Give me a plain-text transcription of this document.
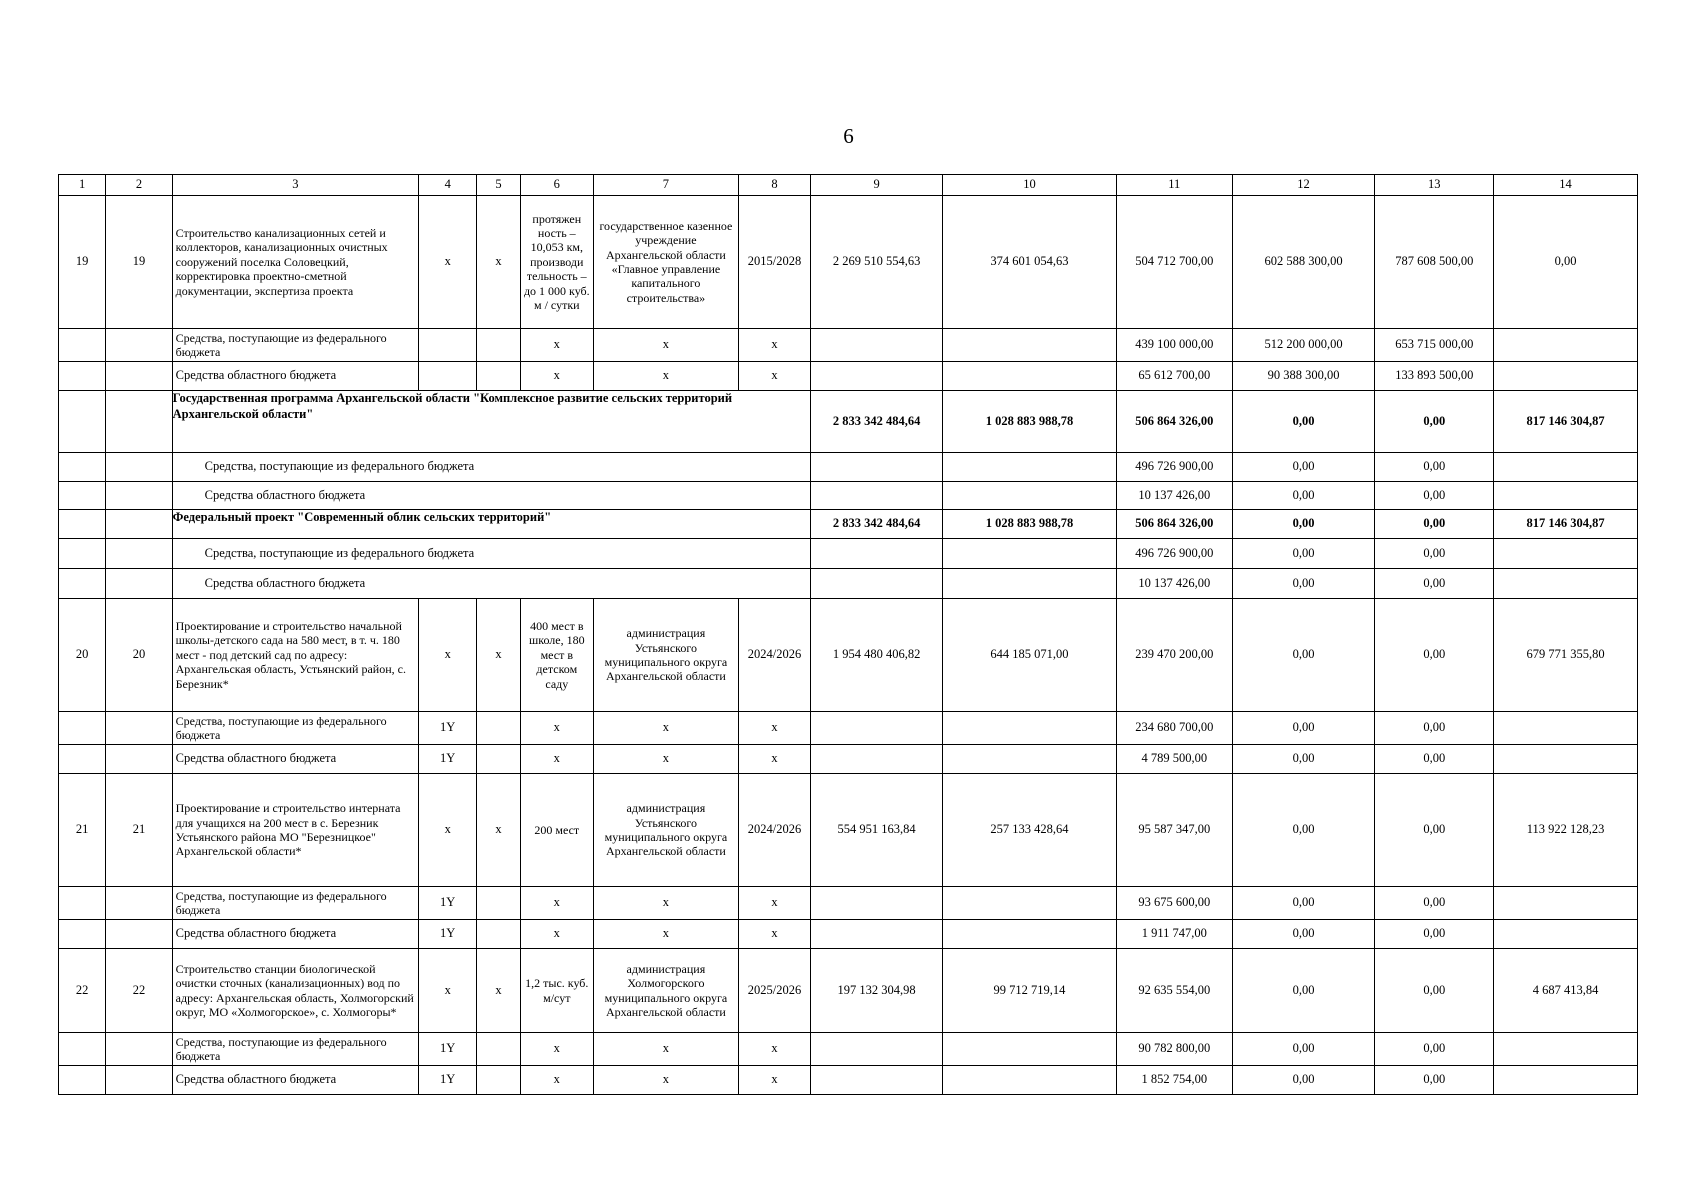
6
1	2	3	4	5	6	7	8	9	10	11	12	13	14
19	19	Строительство канализационных сетей и коллекторов, канализационных очистных сооружений поселка Соловецкий, корректировка проектно-сметной документации, экспертиза проекта	х	х	протяжен ность – 10,053 км, производи тельность – до 1 000 куб. м / сутки	государственное казенное учреждение Архангельской области «Главное управление капитального строительства»	2015/2028	2 269 510 554,63	374 601 054,63	504 712 700,00	602 588 300,00	787 608 500,00	0,00
		Средства, поступающие из федерального бюджета			х	х	х			439 100 000,00	512 200 000,00	653 715 000,00	
		Средства областного бюджета			х	х	х			65 612 700,00	90 388 300,00	133 893 500,00	
		Государственная программа Архангельской области "Комплексное развитие сельских территорий Архангельской области"						2 833 342 484,64	1 028 883 988,78	506 864 326,00	0,00	0,00	817 146 304,87
		Средства, поступающие из федерального бюджета								496 726 900,00	0,00	0,00	
		Средства областного бюджета								10 137 426,00	0,00	0,00	
		Федеральный проект "Современный облик сельских территорий"						2 833 342 484,64	1 028 883 988,78	506 864 326,00	0,00	0,00	817 146 304,87
		Средства, поступающие из федерального бюджета								496 726 900,00	0,00	0,00	
		Средства областного бюджета								10 137 426,00	0,00	0,00	
20	20	Проектирование и строительство начальной школы-детского сада на 580 мест, в т. ч. 180 мест - под детский сад по адресу: Архангельская область, Устьянский район, с. Березник*	х	х	400 мест в школе, 180 мест в детском саду	администрация Устьянского муниципального округа Архангельской области	2024/2026	1 954 480 406,82	644 185 071,00	239 470 200,00	0,00	0,00	679 771 355,80
		Средства, поступающие из федерального бюджета	1Y		х	х	х			234 680 700,00	0,00	0,00	
		Средства областного бюджета	1Y		х	х	х			4 789 500,00	0,00	0,00	
21	21	Проектирование и строительство интерната для учащихся на 200 мест в с. Березник Устьянского района МО "Березницкое" Архангельской области*	х	х	200 мест	администрация Устьянского муниципального округа Архангельской области	2024/2026	554 951 163,84	257 133 428,64	95 587 347,00	0,00	0,00	113 922 128,23
		Средства, поступающие из федерального бюджета	1Y		х	х	х			93 675 600,00	0,00	0,00	
		Средства областного бюджета	1Y		х	х	х			1 911 747,00	0,00	0,00	
22	22	Строительство станции биологической очистки сточных (канализационных) вод по адресу: Архангельская область, Холмогорский округ, МО «Холмогорское», с. Холмогоры*	х	х	1,2 тыс. куб. м/сут	администрация Холмогорского муниципального округа Архангельской области	2025/2026	197 132 304,98	99 712 719,14	92 635 554,00	0,00	0,00	4 687 413,84
		Средства, поступающие из федерального бюджета	1Y		х	х	х			90 782 800,00	0,00	0,00	
		Средства областного бюджета	1Y		х	х	х			1 852 754,00	0,00	0,00	
